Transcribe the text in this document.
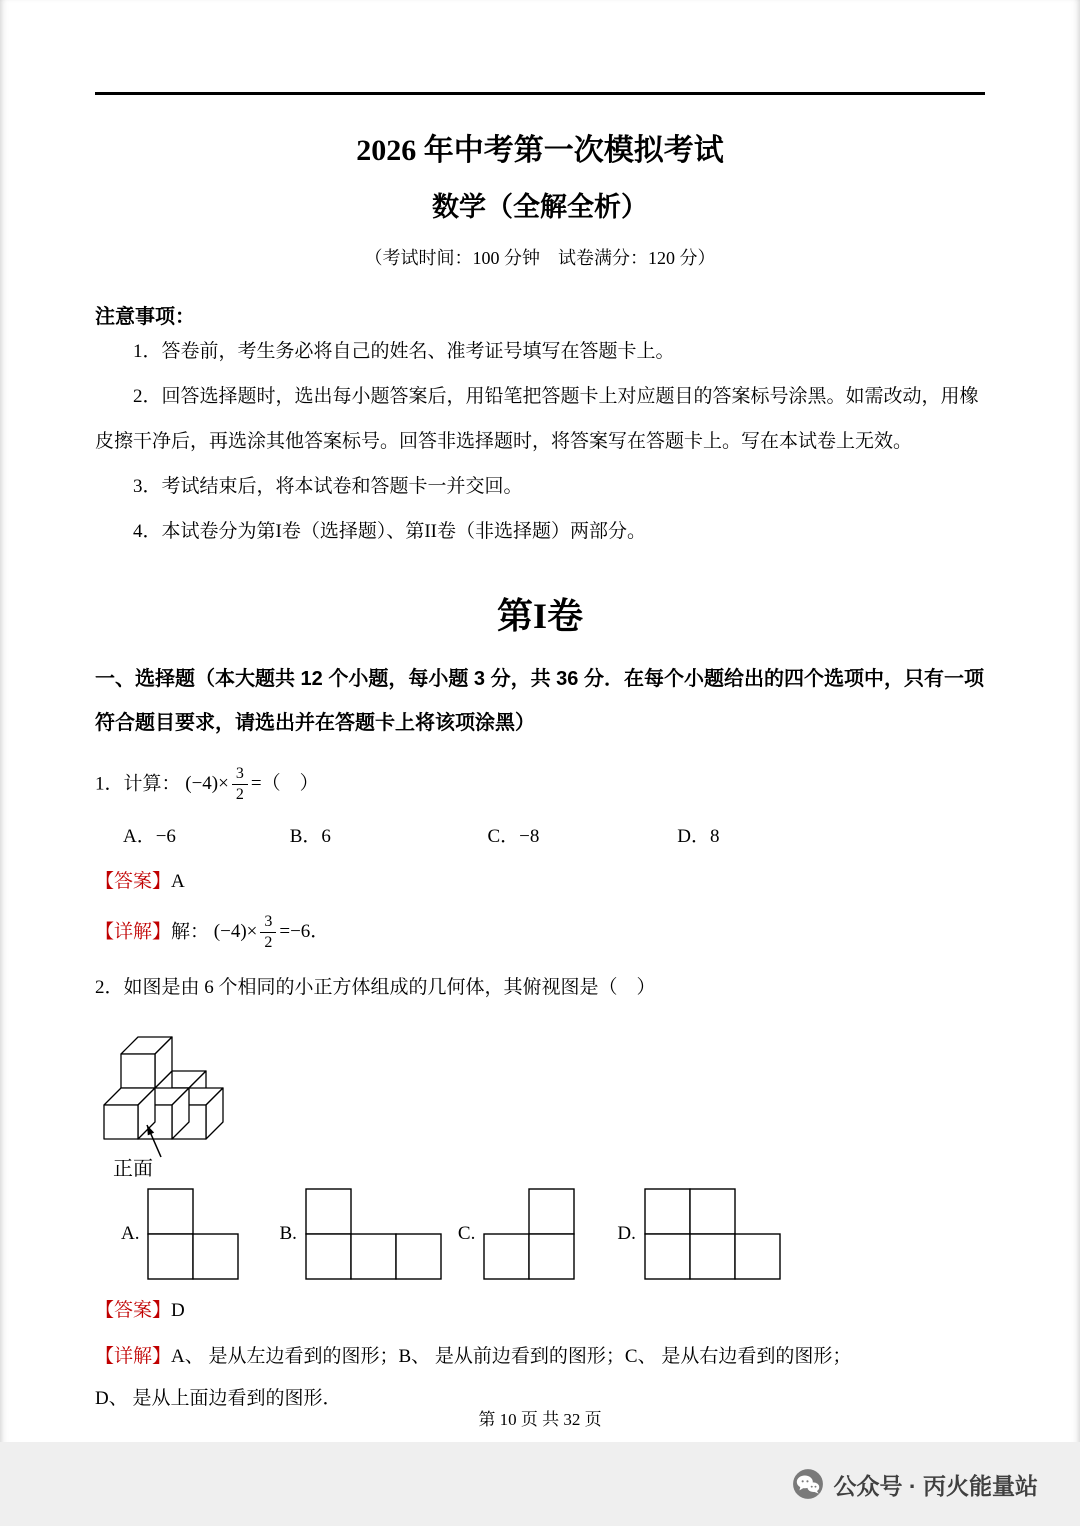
2026 年中考第一次模拟考试
数学（全解全析）
（考试时间：100 分钟　试卷满分：120 分）
注意事项：

1．答卷前，考生务必将自己的姓名、准考证号填写在答题卡上。

2．回答选择题时，选出每小题答案后，用铅笔把答题卡上对应题目的答案标号涂黑。如需改动，用橡皮擦干净后，再选涂其他答案标号。回答非选择题时，将答案写在答题卡上。写在本试卷上无效。

3．考试结束后，将本试卷和答题卡一并交回。

4．本试卷分为第I卷（选择题）、第II卷（非选择题）两部分。

第I卷
一、选择题（本大题共 12 个小题，每小题 3 分，共 36 分．在每个小题给出的四个选项中，只有一项符合题目要求，请选出并在答题卡上将该项涂黑）

1．计算： $(-4)\times \frac{3}{2}$ =（　）

A．−6	B．6	C．−8	D．8

【答案】A

【详解】解： $(-4)\times \frac{3}{2} =-6$．

2．如图是由 6 个相同的小正方体组成的几何体，其俯视图是（　）

正面
A.	B.	C.	D.

【答案】D

【详解】A、 是从左边看到的图形；B、 是从前边看到的图形；C、 是从右边看到的图形；

D、 是从上面边看到的图形．

第 10 页 共 32 页
公众号 · 丙火能量站
